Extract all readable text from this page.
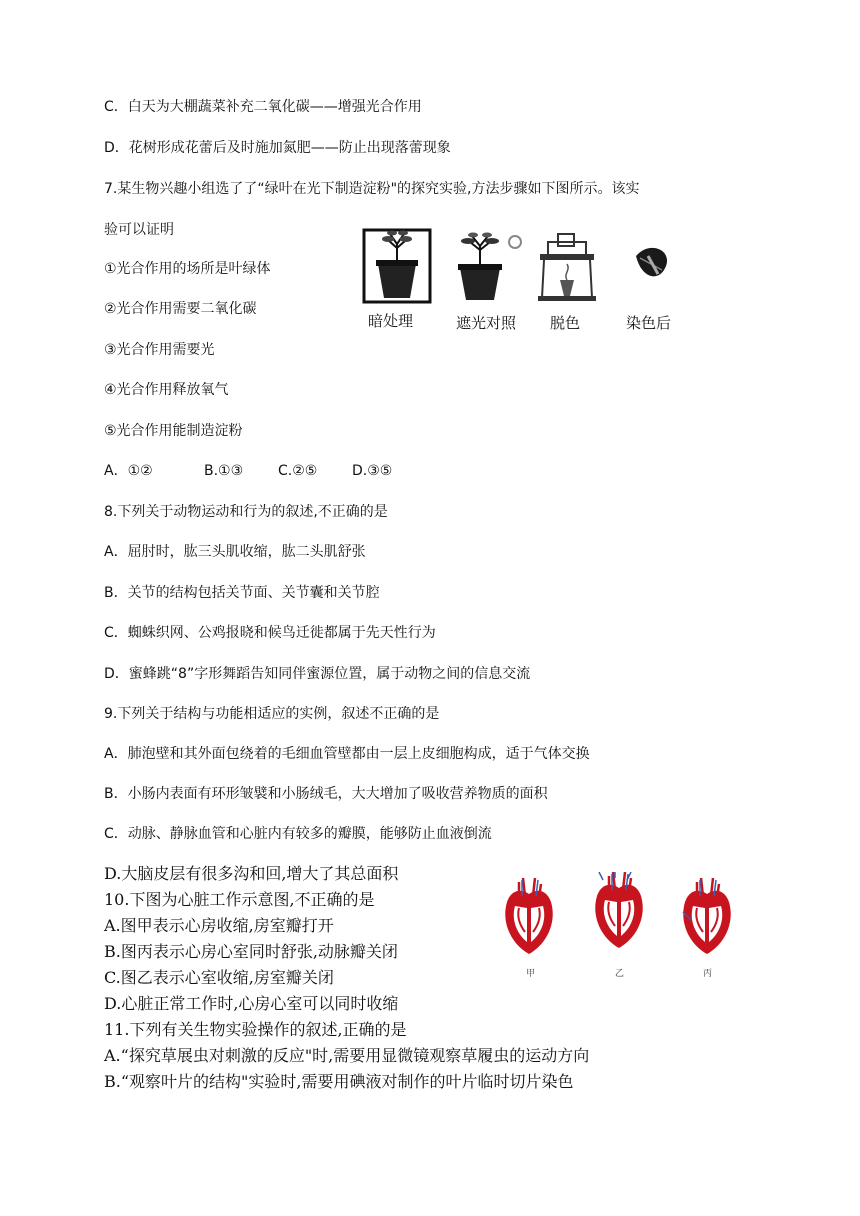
C．白天为大棚蔬菜补充二氧化碳——增强光合作用
D．花树形成花蕾后及时施加氮肥——防止出现落蕾现象
7.某生物兴趣小组选了了“绿叶在光下制造淀粉"的探究实验,方法步骤如下图所示。该实
验可以证明
①光合作用的场所是叶绿体
②光合作用需要二氧化碳
③光合作用需要光
④光合作用释放氧气
⑤光合作用能制造淀粉
A．①②	B.①③ C.②⑤ D.③⑤
8.下列关于动物运动和行为的叙述,不正确的是
A．屈肘时，肱三头肌收缩，肱二头肌舒张
B．关节的结构包括关节面、关节囊和关节腔
C．蜘蛛织网、公鸡报晓和候鸟迁徙都属于先天性行为
D．蜜蜂跳“8”字形舞蹈告知同伴蜜源位置，属于动物之间的信息交流
9.下列关于结构与功能相适应的实例，叙述不正确的是
A．肺泡壁和其外面包绕着的毛细血管壁都由一层上皮细胞构成，适于气体交换
B．小肠内表面有环形皱襞和小肠绒毛，大大增加了吸收营养物质的面积
C．动脉、静脉血管和心脏内有较多的瓣膜，能够防止血液倒流
D.大脑皮层有很多沟和回,增大了其总面积
10.下图为心脏工作示意图,不正确的是
A.图甲表示心房收缩,房室瓣打开
B.图丙表示心房心室同时舒张,动脉瓣关闭
C.图乙表示心室收缩,房室瓣关闭
D.心脏正常工作时,心房心室可以同时收缩
11.下列有关生物实验操作的叙述,正确的是
A.“探究草展虫对刺激的反应"时,需要用显微镜观察草履虫的运动方向
B.“观察叶片的结构"实验时,需要用碘液对制作的叶片临时切片染色
暗处理	遮光对照 脱色	染色后
甲	乙	丙
